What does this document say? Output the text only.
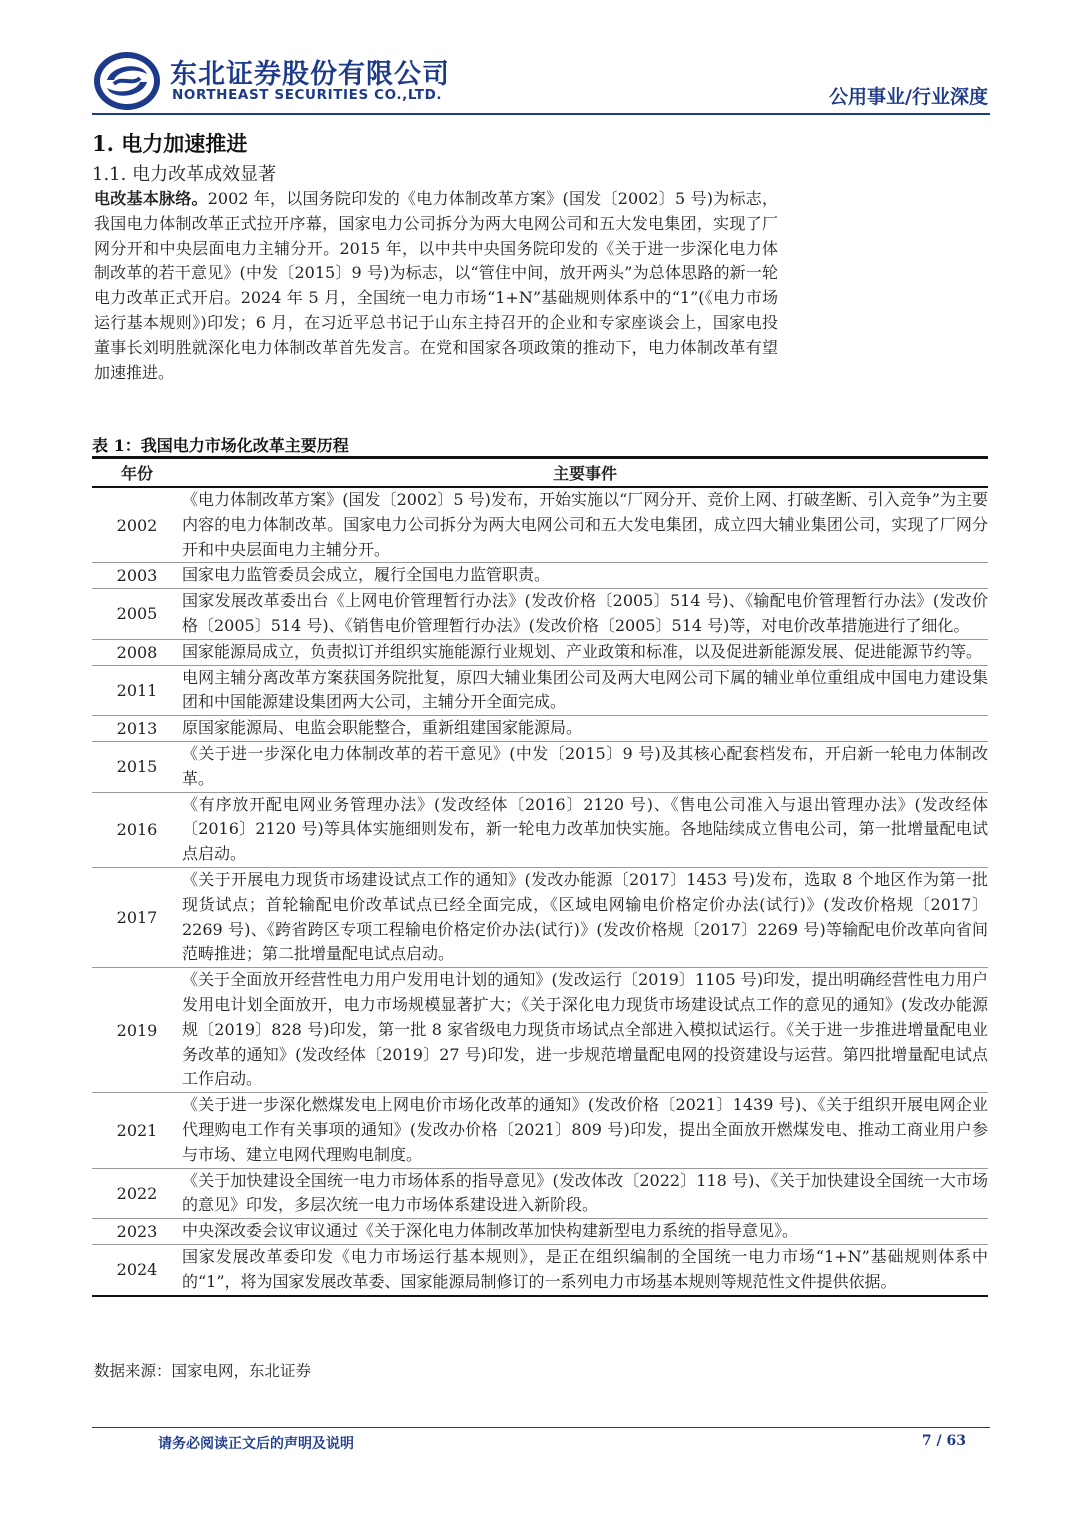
东北证券股份有限公司
NORTHEAST SECURITIES CO.,LTD.	公用事业/行业深度
1. 电力加速推进
1.1. 电力改革成效显著
电改基本脉络。2002 年，以国务院印发的《电力体制改革方案》(国发〔2002〕5 号)为标志，我国电力体制改革正式拉开序幕，国家电力公司拆分为两大电网公司和五大发电集团，实现了厂网分开和中央层面电力主辅分开。2015 年，以中共中央国务院印发的《关于进一步深化电力体制改革的若干意见》(中发〔2015〕9 号)为标志，以“管住中间，放开两头”为总体思路的新一轮电力改革正式开启。2024 年 5 月，全国统一电力市场“1+N”基础规则体系中的“1”(《电力市场运行基本规则》)印发；6 月，在习近平总书记于山东主持召开的企业和专家座谈会上，国家电投董事长刘明胜就深化电力体制改革首先发言。在党和国家各项政策的推动下，电力体制改革有望加速推进。
表 1：我国电力市场化改革主要历程
年份	主要事件
2002	《电力体制改革方案》(国发〔2002〕5 号)发布，开始实施以“厂网分开、竞价上网、打破垄断、引入竞争”为主要内容的电力体制改革。国家电力公司拆分为两大电网公司和五大发电集团，成立四大辅业集团公司，实现了厂网分开和中央层面电力主辅分开。
2003	国家电力监管委员会成立，履行全国电力监管职责。
2005	国家发展改革委出台《上网电价管理暂行办法》(发改价格〔2005〕514 号)、《输配电价管理暂行办法》(发改价格〔2005〕514 号)、《销售电价管理暂行办法》(发改价格〔2005〕514 号)等，对电价改革措施进行了细化。
2008	国家能源局成立，负责拟订并组织实施能源行业规划、产业政策和标准，以及促进新能源发展、促进能源节约等。
2011	电网主辅分离改革方案获国务院批复，原四大辅业集团公司及两大电网公司下属的辅业单位重组成中国电力建设集团和中国能源建设集团两大公司，主辅分开全面完成。
2013	原国家能源局、电监会职能整合，重新组建国家能源局。
2015	《关于进一步深化电力体制改革的若干意见》(中发〔2015〕9 号)及其核心配套档发布，开启新一轮电力体制改革。
2016	《有序放开配电网业务管理办法》(发改经体〔2016〕2120 号)、《售电公司准入与退出管理办法》(发改经体〔2016〕2120 号)等具体实施细则发布，新一轮电力改革加快实施。各地陆续成立售电公司，第一批增量配电试点启动。
2017	《关于开展电力现货市场建设试点工作的通知》(发改办能源〔2017〕1453 号)发布，选取 8 个地区作为第一批现货试点；首轮输配电价改革试点已经全面完成，《区域电网输电价格定价办法(试行)》(发改价格规〔2017〕2269 号)、《跨省跨区专项工程输电价格定价办法(试行)》(发改价格规〔2017〕2269 号)等输配电价改革向省间范畴推进；第二批增量配电试点启动。
2019	《关于全面放开经营性电力用户发用电计划的通知》(发改运行〔2019〕1105 号)印发，提出明确经营性电力用户发用电计划全面放开，电力市场规模显著扩大；《关于深化电力现货市场建设试点工作的意见的通知》(发改办能源规〔2019〕828 号)印发，第一批 8 家省级电力现货市场试点全部进入模拟试运行。《关于进一步推进增量配电业务改革的通知》(发改经体〔2019〕27 号)印发，进一步规范增量配电网的投资建设与运营。第四批增量配电试点工作启动。
2021	《关于进一步深化燃煤发电上网电价市场化改革的通知》(发改价格〔2021〕1439 号)、《关于组织开展电网企业代理购电工作有关事项的通知》(发改办价格〔2021〕809 号)印发，提出全面放开燃煤发电、推动工商业用户参与市场、建立电网代理购电制度。
2022	《关于加快建设全国统一电力市场体系的指导意见》(发改体改〔2022〕118 号)、《关于加快建设全国统一大市场的意见》印发，多层次统一电力市场体系建设进入新阶段。
2023	中央深改委会议审议通过《关于深化电力体制改革加快构建新型电力系统的指导意见》。
2024	国家发展改革委印发《电力市场运行基本规则》，是正在组织编制的全国统一电力市场“1+N”基础规则体系中的“1”，将为国家发展改革委、国家能源局制修订的一系列电力市场基本规则等规范性文件提供依据。
数据来源：国家电网，东北证券
请务必阅读正文后的声明及说明	7 / 63
